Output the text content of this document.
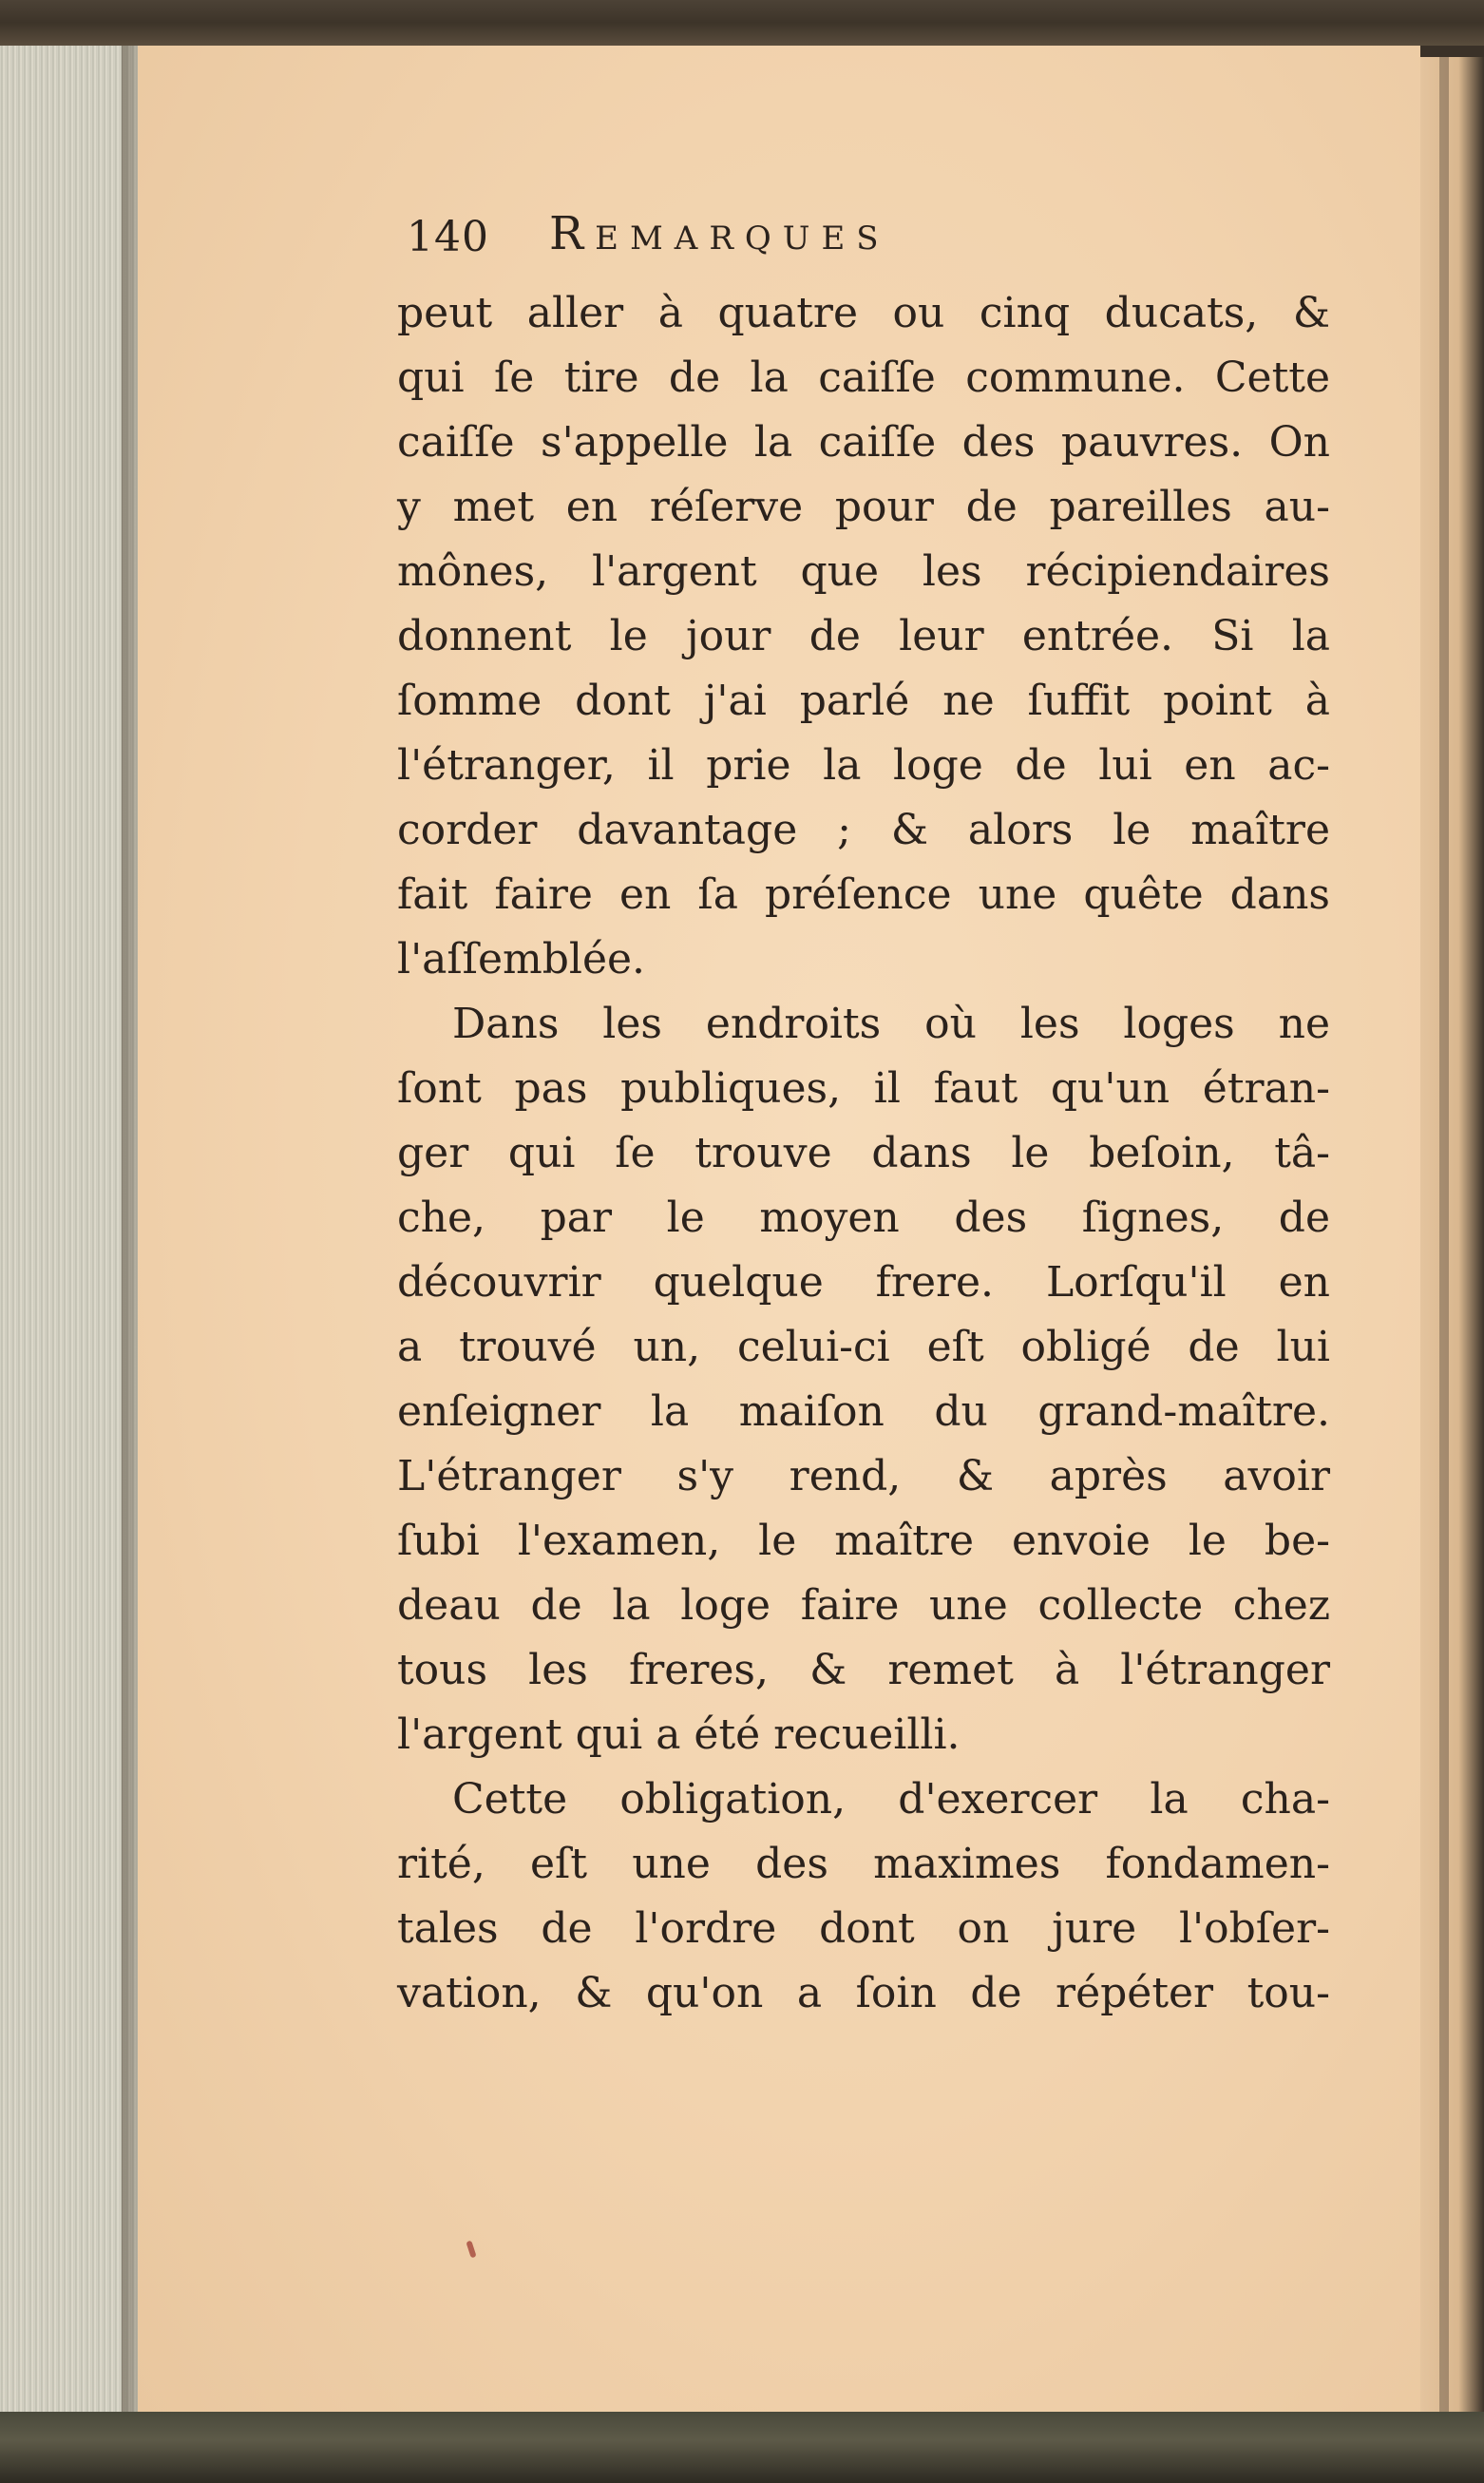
140 Remarques
peut aller à quatre ou cinq ducats, &
qui ſe tire de la caiſſe commune. Cette
caiſſe s'appelle la caiſſe des pauvres. On
y met en réſerve pour de pareilles au-
mônes, l'argent que les récipiendaires
donnent le jour de leur entrée. Si la
ſomme dont j'ai parlé ne ſuffit point à
l'étranger, il prie la loge de lui en ac-
corder davantage ; & alors le maître
fait faire en ſa préſence une quête dans
l'aſſemblée.
Dans les endroits où les loges ne
ſont pas publiques, il faut qu'un étran-
ger qui ſe trouve dans le beſoin, tâ-
che, par le moyen des ſignes, de
découvrir quelque frere. Lorſqu'il en
a trouvé un, celui-ci eſt obligé de lui
enſeigner la maiſon du grand-maître.
L'étranger s'y rend, & après avoir
ſubi l'examen, le maître envoie le be-
deau de la loge faire une collecte chez
tous les freres, & remet à l'étranger
l'argent qui a été recueilli.
Cette obligation, d'exercer la cha-
rité, eſt une des maximes fondamen-
tales de l'ordre dont on jure l'obſer-
vation, & qu'on a ſoin de répéter tou-
